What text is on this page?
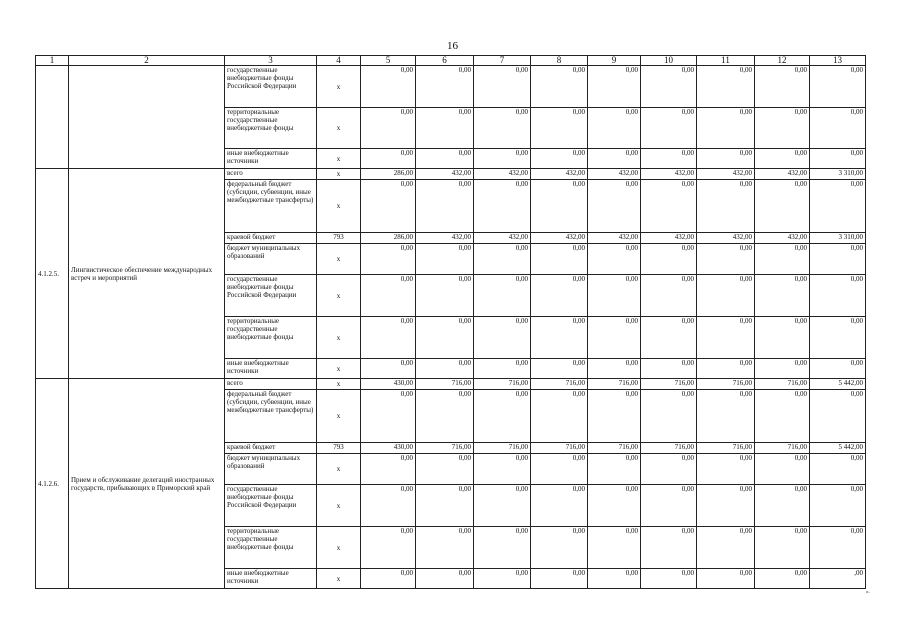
16
1	2	3	4	5	6	7	8	9	10	11	12	13
		государственные внебюджетные фонды Российской Федерации	x	0,00	0,00	0,00	0,00	0,00	0,00	0,00	0,00	0,00
		территориальные государственные внебюджетные фонды	x	0,00	0,00	0,00	0,00	0,00	0,00	0,00	0,00	0,00
		иные внебюджетные источники	x	0,00	0,00	0,00	0,00	0,00	0,00	0,00	0,00	0,00
4.1.2.5.	Лингвистическое обеспечение международных встреч и мероприятий	всего	x	286,00	432,00	432,00	432,00	432,00	432,00	432,00	432,00	3 310,00
		федеральный бюджет (субсидии, субвенции, иные межбюджетные трансферты)	x	0,00	0,00	0,00	0,00	0,00	0,00	0,00	0,00	0,00
		краевой бюджет	793	286,00	432,00	432,00	432,00	432,00	432,00	432,00	432,00	3 310,00
		бюджет муниципальных образований	x	0,00	0,00	0,00	0,00	0,00	0,00	0,00	0,00	0,00
		государственные внебюджетные фонды Российской Федерации	x	0,00	0,00	0,00	0,00	0,00	0,00	0,00	0,00	0,00
		территориальные государственные внебюджетные фонды	x	0,00	0,00	0,00	0,00	0,00	0,00	0,00	0,00	0,00
		иные внебюджетные источники	x	0,00	0,00	0,00	0,00	0,00	0,00	0,00	0,00	0,00
4.1.2.6.	Прием и обслуживание делегаций иностранных государств, прибывающих в Приморский край	всего	x	430,00	716,00	716,00	716,00	716,00	716,00	716,00	716,00	5 442,00
		федеральный бюджет (субсидии, субвенции, иные межбюджетные трансферты)	x	0,00	0,00	0,00	0,00	0,00	0,00	0,00	0,00	0,00
		краевой бюджет	793	430,00	716,00	716,00	716,00	716,00	716,00	716,00	716,00	5 442,00
		бюджет муниципальных образований	x	0,00	0,00	0,00	0,00	0,00	0,00	0,00	0,00	0,00
		государственные внебюджетные фонды Российской Федерации	x	0,00	0,00	0,00	0,00	0,00	0,00	0,00	0,00	0,00
		территориальные государственные внебюджетные фонды	x	0,00	0,00	0,00	0,00	0,00	0,00	0,00	0,00	0,00
		иные внебюджетные источники	x	0,00	0,00	0,00	0,00	0,00	0,00	0,00	0,00	,00
».
